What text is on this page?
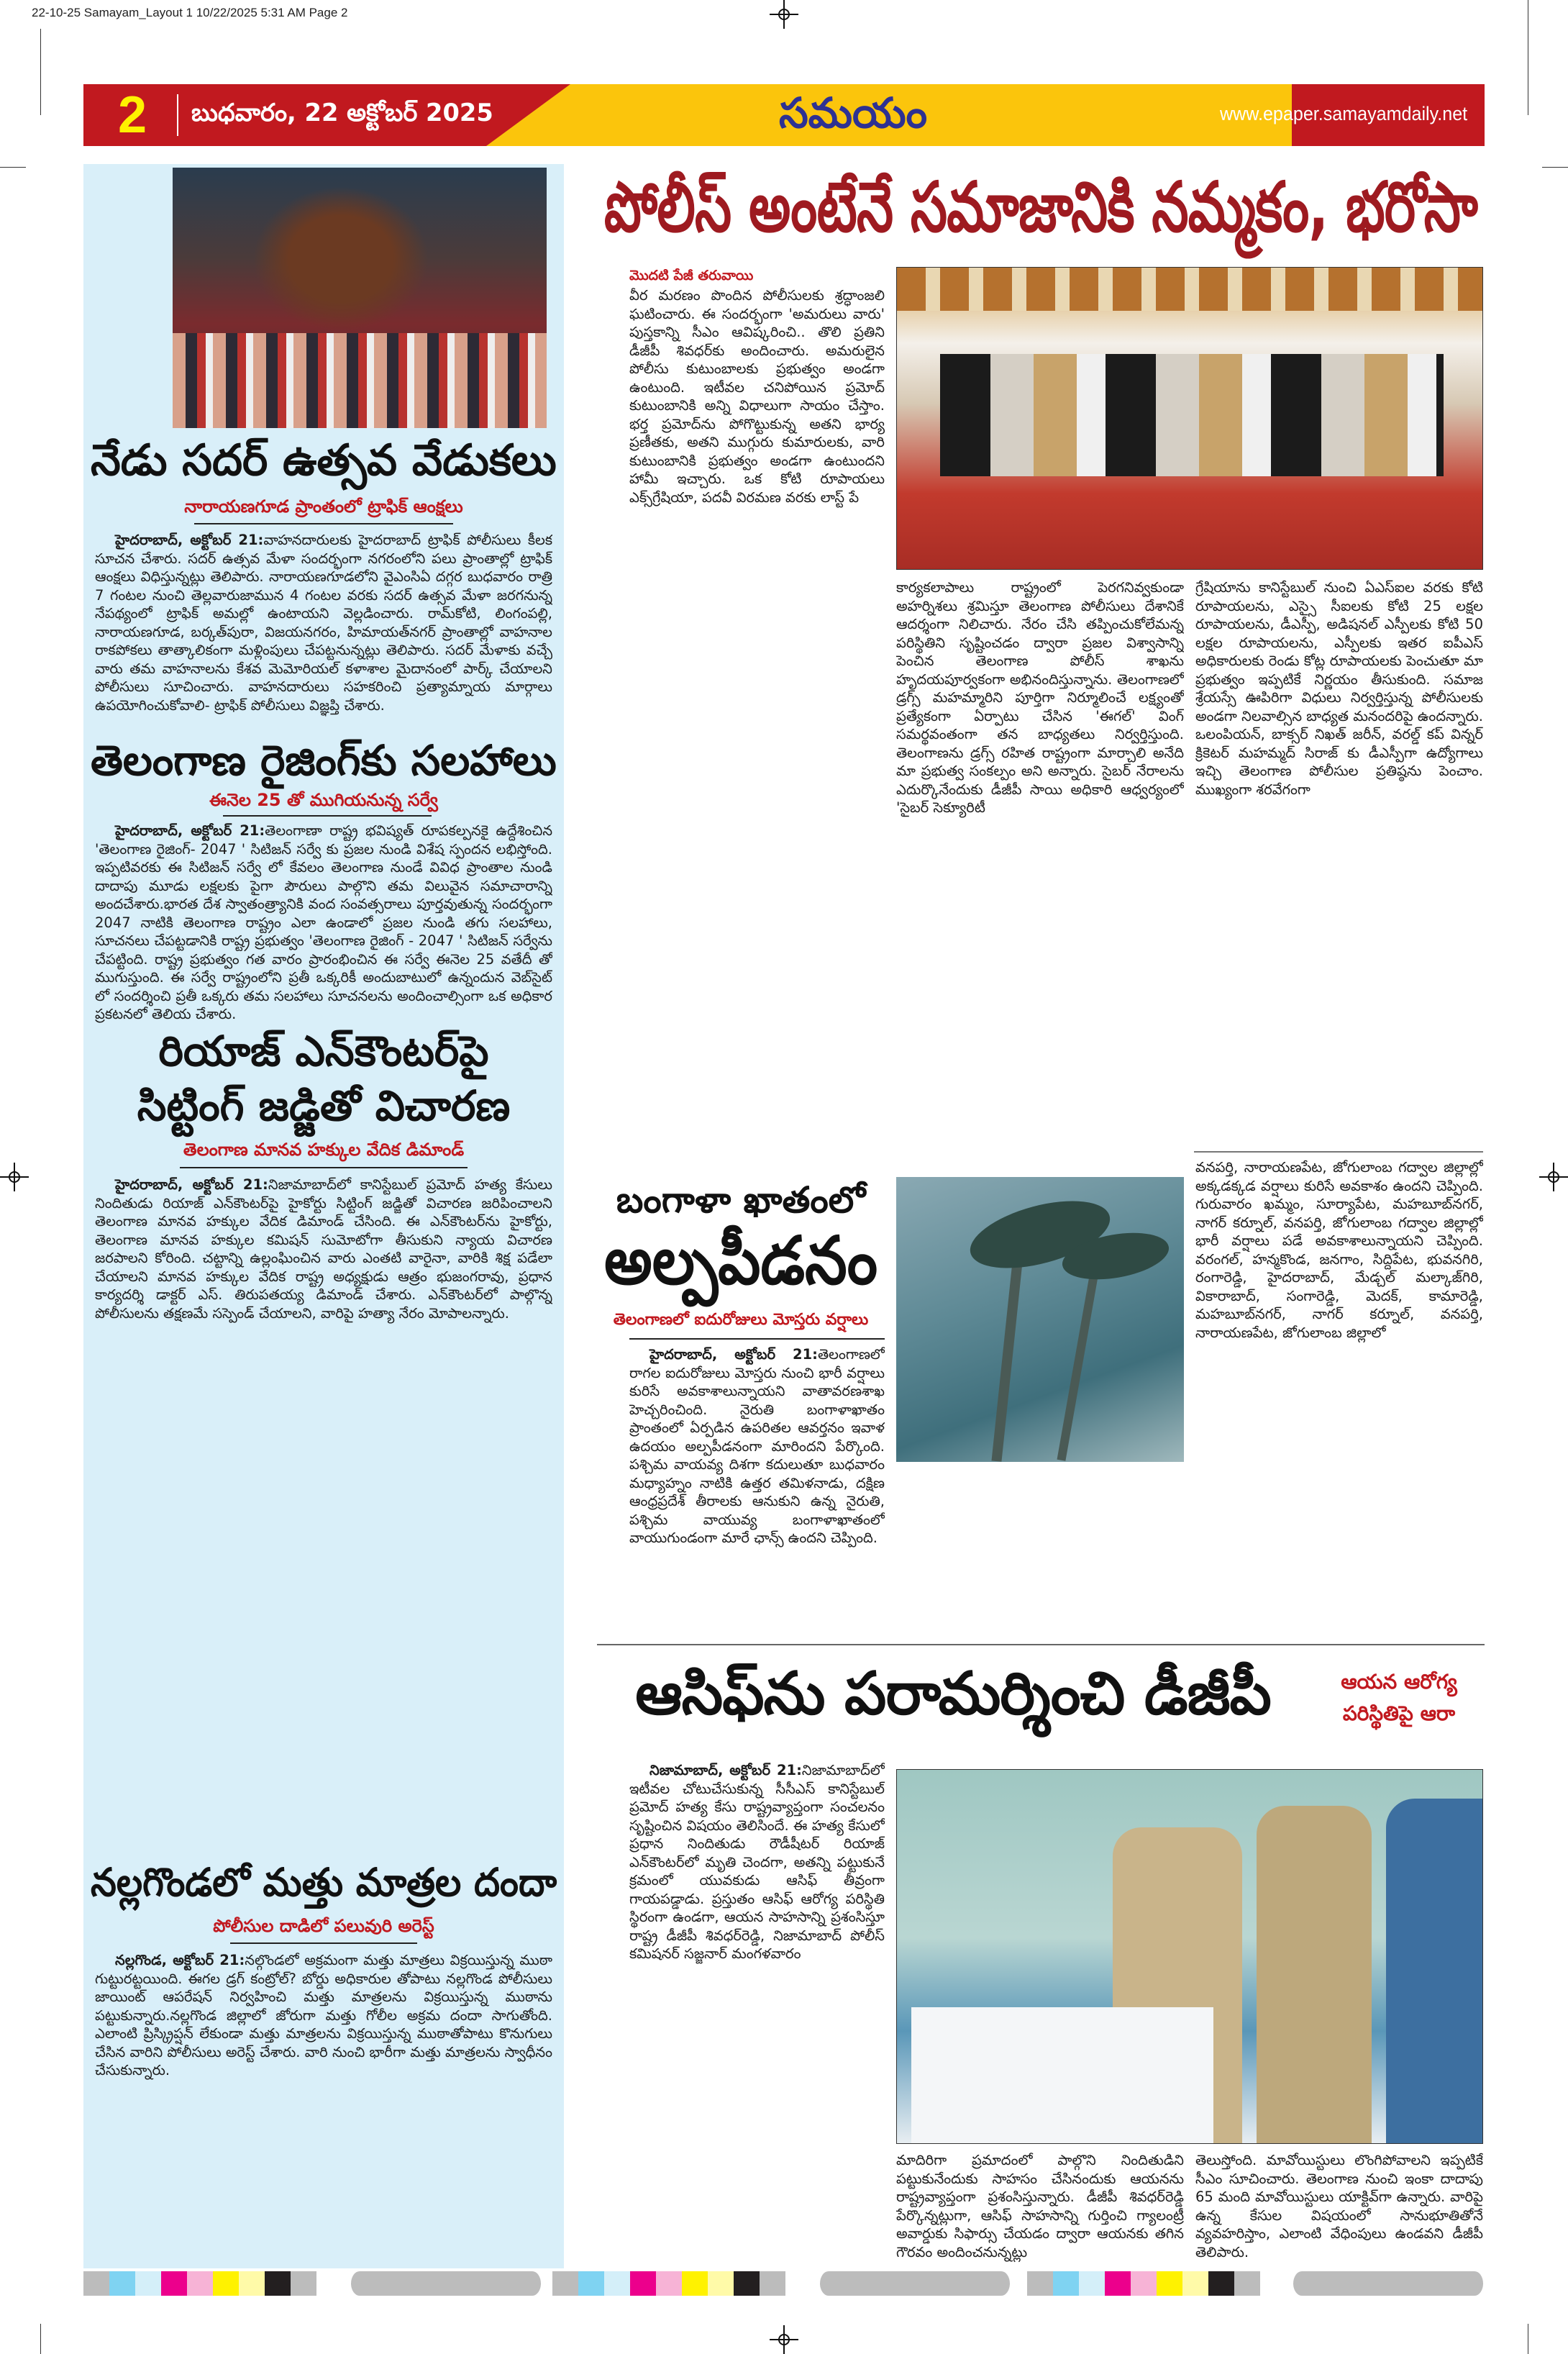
22-10-25 Samayam_Layout 1 10/22/2025 5:31 AM Page 2
2 బుధవారం, 22 అక్టోబర్ 2025	సమయం	www.epaper.samayamdaily.net
నేడు సదర్ ఉత్సవ వేడుకలు
నారాయణగూడ ప్రాంతంలో ట్రాఫిక్ ఆంక్షలు

హైదరాబాద్, అక్టోబర్ 21:వాహనదారులకు హైదరాబాద్ ట్రాఫిక్ పోలీసులు కీలక సూచన చేశారు. సదర్ ఉత్సవ మేళా సందర్భంగా నగరంలోని పలు ప్రాంతాల్లో ట్రాఫిక్ ఆంక్షలు విధిస్తున్నట్లు తెలిపారు. నారాయణగూడలోని వైఎంసిఏ దగ్గర బుధవారం రాత్రి 7 గంటల నుంచి తెల్లవారుజామున 4 గంటల వరకు సదర్ ఉత్సవ మేళా జరగనున్న నేపథ్యంలో ట్రాఫిక్ అమల్లో ఉంటాయని వెల్లడించారు. రామ్‌కోటి, లింగంపల్లి, నారాయణగూడ, బర్కత్‌పురా, విజయనగరం, హిమాయత్‌నగర్ ప్రాంతాల్లో వాహనాల రాకపోకలు తాత్కాలికంగా మళ్లింపులు చేపట్టనున్నట్లు తెలిపారు. సదర్ మేళాకు వచ్చే వారు తమ వాహనాలను కేశవ మెమోరియల్ కళాశాల మైదానంలో పార్క్ చేయాలని పోలీసులు సూచించారు. వాహనదారులు సహకరించి ప్రత్యామ్నాయ మార్గాలు ఉపయోగించుకోవాలి- ట్రాఫిక్ పోలీసులు విజ్ఞప్తి చేశారు.

తెలంగాణ రైజింగ్‌కు సలహాలు
ఈనెల 25 తో ముగియనున్న సర్వే

హైదరాబాద్, అక్టోబర్ 21:తెలంగాణా రాష్ట్ర భవిష్యత్ రూపకల్పనకై ఉద్దేశించిన 'తెలంగాణ రైజింగ్- 2047 ' సిటిజన్ సర్వే కు ప్రజల నుండి విశేష స్పందన లభిస్తోంది. ఇప్పటివరకు ఈ సిటిజన్ సర్వే లో కేవలం తెలంగాణ నుండే వివిధ ప్రాంతాల నుండి దాదాపు మూడు లక్షలకు పైగా పౌరులు పాల్గొని తమ విలువైన సమాచారాన్ని అందచేశారు.భారత దేశ స్వాతంత్ర్యానికి వంద సంవత్సరాలు పూర్తవుతున్న సందర్భంగా 2047 నాటికి తెలంగాణ రాష్ట్రం ఎలా ఉండాలో ప్రజల నుండి తగు సలహాలు, సూచనలు చేపట్టడానికి రాష్ట్ర ప్రభుత్వం 'తెలంగాణ రైజింగ్ - 2047 ' సిటిజన్ సర్వేను చేపట్టింది. రాష్ట్ర ప్రభుత్వం గత వారం ప్రారంభించిన ఈ సర్వే ఈనెల 25 వతేదీ తో ముగుస్తుంది. ఈ సర్వే రాష్ట్రంలోని ప్రతీ ఒక్కరికీ అందుబాటులో ఉన్నందున వెబ్‌సైట్ లో సందర్శించి ప్రతీ ఒక్కరు తమ సలహాలు సూచనలను అందించాల్సింగా ఒక అధికార ప్రకటనలో తెలియ చేశారు.

రియాజ్ ఎన్‌కౌంటర్‌పై
సిట్టింగ్ జడ్జితో విచారణ
తెలంగాణ మానవ హక్కుల వేదిక డిమాండ్

హైదరాబాద్, అక్టోబర్ 21:నిజామాబాద్‌లో కానిస్టేబుల్ ప్రమోద్ హత్య కేసులు నిందితుడు రియాజ్ ఎన్‌కౌంటర్‌పై హైకోర్టు సిట్టింగ్ జడ్జితో విచారణ జరిపించాలని తెలంగాణ మానవ హక్కుల వేదిక డిమాండ్ చేసింది. ఈ ఎన్‌కౌంటర్‌ను హైకోర్టు, తెలంగాణ మానవ హక్కుల కమిషన్ సుమోటోగా తీసుకుని న్యాయ విచారణ జరపాలని కోరింది. చట్టాన్ని ఉల్లంఘించిన వారు ఎంతటి వారైనా, వారికి శిక్ష పడేలా చేయాలని మానవ హక్కుల వేదిక రాష్ట్ర అధ్యక్షుడు ఆత్రం భుజంగరావు, ప్రధాన కార్యదర్శి డాక్టర్ ఎస్. తిరుపతయ్య డిమాండ్ చేశారు. ఎన్‌కౌంటర్‌లో పాల్గొన్న పోలీసులను తక్షణమే సస్పెండ్ చేయాలని, వారిపై హత్యా నేరం మోపాలన్నారు.

నల్లగొండలో మత్తు మాత్రల దందా
పోలీసుల దాడిలో పలువురి అరెస్ట్

నల్లగొండ, అక్టోబర్ 21:నల్గొండలో అక్రమంగా మత్తు మాత్రలు విక్రయిస్తున్న ముఠా గుట్టురట్టయింది. ఈగల డ్రగ్ కంట్రోల్? బోర్డు అధికారుల తోపాటు నల్లగొండ పోలీసులు జాయింట్ ఆపరేషన్ నిర్వహించి మత్తు మాత్రలను విక్రయిస్తున్న ముఠాను పట్టుకున్నారు.నల్లగొండ జిల్లాలో జోరుగా మత్తు గోలీల అక్రమ దందా సాగుతోంది. ఎలాంటి ప్రిస్క్రిప్షన్ లేకుండా మత్తు మాత్రలను విక్రయిస్తున్న ముఠాతోపాటు కొనుగులు చేసిన వారిని పోలీసులు అరెస్ట్ చేశారు. వారి నుంచి భారీగా మత్తు మాత్రలను స్వాధీనం చేసుకున్నారు.

పోలీస్ అంటేనే సమాజానికి నమ్మకం, భరోసా
మొదటి పేజీ తరువాయి
వీర మరణం పొందిన పోలీసులకు శ్రద్ధాంజలి ఘటించారు. ఈ సందర్భంగా 'అమరులు వారు' పుస్తకాన్ని సీఎం ఆవిష్కరించి.. తొలి ప్రతిని డీజీపీ శివధర్‌కు అందించారు. అమరులైన పోలీసు కుటుంబాలకు ప్రభుత్వం అండగా ఉంటుంది. ఇటీవల చనిపోయిన ప్రమోద్ కుటుంబానికి అన్ని విధాలుగా సాయం చేస్తాం. భర్త ప్రమోద్‌ను పోగొట్టుకున్న అతని భార్య ప్రణీతకు, అతని ముగ్గురు కుమారులకు, వారి కుటుంబానికి ప్రభుత్వం అండగా ఉంటుందని హామీ ఇచ్చారు. ఒక కోటి రూపాయలు ఎక్స్‌గ్రేషియా, పదవీ విరమణ వరకు లాస్ట్ పే
కార్యకలాపాలు రాష్ట్రంలో పెరగనివ్వకుండా అహర్నిశలు శ్రమిస్తూ తెలంగాణ పోలీసులు దేశానికే ఆదర్శంగా నిలిచారు. నేరం చేసి తప్పించుకోలేమన్న పరిస్థితిని సృష్టించడం ద్వారా ప్రజల విశ్వాసాన్ని పెంచిన తెలంగాణ పోలీస్ శాఖను హృదయపూర్వకంగా అభినందిస్తున్నాను. తెలంగాణలో డ్రగ్స్ మహమ్మారిని పూర్తిగా నిర్మూలించే లక్ష్యంతో ప్రత్యేకంగా ఏర్పాటు చేసిన 'ఈగల్' వింగ్ సమర్థవంతంగా తన బాధ్యతలు నిర్వర్తిస్తుంది. తెలంగాణను డ్రగ్స్ రహిత రాష్ట్రంగా మార్చాలి అనేది మా ప్రభుత్వ సంకల్పం అని అన్నారు. సైబర్ నేరాలను ఎదుర్కొనేందుకు డీజీపీ సాయి అధికారి ఆధ్వర్యంలో 'సైబర్ సెక్యూరిటీ
గ్రేషియాను కానిస్టేబుల్ నుంచి ఏఎస్ఐల వరకు కోటి రూపాయలను, ఎస్సై సీఐలకు కోటి 25 లక్షల రూపాయలను, డీఎస్పీ, అడిషనల్ ఎస్పీలకు కోటి 50 లక్షల రూపాయలను, ఎస్పీలకు ఇతర ఐపీఎస్ అధికారులకు రెండు కోట్ల రూపాయలకు పెంచుతూ మా ప్రభుత్వం ఇప్పటికే నిర్ణయం తీసుకుంది. సమాజ శ్రేయస్సే ఊపిరిగా విధులు నిర్వర్తిస్తున్న పోలీసులకు అండగా నిలవాల్సిన బాధ్యత మనందరిపై ఉందన్నారు. ఒలంపియన్, బాక్సర్ నిఖత్ జరీన్, వరల్డ్ కప్ విన్నర్ క్రికెటర్ మహమ్మద్ సిరాజ్ కు డీఎస్పీగా ఉద్యోగాలు ఇచ్చి తెలంగాణ పోలీసుల ప్రతిష్ఠను పెంచాం. ముఖ్యంగా శరవేగంగా
బంగాళా ఖాతంలో
అల్పపీడనం
తెలంగాణలో ఐదురోజులు మోస్తరు వర్షాలు

హైదరాబాద్, అక్టోబర్ 21:తెలంగాణలో రాగల ఐదురోజులు మోస్తరు నుంచి భారీ వర్షాలు కురిసే అవకాశాలున్నాయని వాతావరణశాఖ హెచ్చరించింది. నైరుతి బంగాళాఖాతం ప్రాంతంలో ఏర్పడిన ఉపరితల ఆవర్తనం ఇవాళ ఉదయం అల్పపీడనంగా మారిందని పేర్కొంది. పశ్చిమ వాయవ్య దిశగా కదులుతూ బుధవారం మధ్యాహ్నం నాటికి ఉత్తర తమిళనాడు, దక్షిణ ఆంధ్రప్రదేశ్ తీరాలకు ఆనుకుని ఉన్న నైరుతి, పశ్చిమ వాయువ్య బంగాళాఖాతంలో వాయుగుండంగా మారే ఛాన్స్ ఉందని చెప్పింది.

వనపర్తి, నారాయణపేట, జోగులాంబ గద్వాల జిల్లాల్లో అక్కడక్కడ వర్షాలు కురిసే అవకాశం ఉందని చెప్పింది. గురువారం ఖమ్మం, సూర్యాపేట, మహబూబ్‌నగర్, నాగర్ కర్నూల్, వనపర్తి, జోగులాంబ గద్వాల జిల్లాల్లో భారీ వర్షాలు పడే అవకాశాలున్నాయని చెప్పింది. వరంగల్, హన్మకొండ, జనగాం, సిద్దిపేట, భువనగిరి, రంగారెడ్డి, హైదరాబాద్, మేడ్చల్ మల్కాజ్‌గిరి, వికారాబాద్, సంగారెడ్డి, మెదక్, కామారెడ్డి, మహబూబ్‌నగర్, నాగర్ కర్నూల్, వనపర్తి, నారాయణపేట, జోగులాంబ జిల్లాలో
ఆసిఫ్‌ను పరామర్శించి డీజీపీ	ఆయన ఆరోగ్య
పరిస్థితిపై ఆరా

నిజామాబాద్, అక్టోబర్ 21:నిజామాబాద్‌లో ఇటీవల చోటుచేసుకున్న సీసీఎస్ కానిస్టేబుల్ ప్రమోద్ హత్య కేసు రాష్ట్రవ్యాప్తంగా సంచలనం సృష్టించిన విషయం తెలిసిందే. ఈ హత్య కేసులో ప్రధాన నిందితుడు రౌడీషీటర్ రియాజ్ ఎన్‌కౌంటర్‌లో మృతి చెందగా, అతన్ని పట్టుకునే క్రమంలో యువకుడు ఆసిఫ్ తీవ్రంగా గాయపడ్డాడు. ప్రస్తుతం ఆసిఫ్ ఆరోగ్య పరిస్థితి స్థిరంగా ఉండగా, ఆయన సాహసాన్ని ప్రశంసిస్తూ రాష్ట్ర డీజీపీ శివధర్‌రెడ్డి, నిజామాబాద్ పోలీస్ కమిషనర్ సజ్జనార్ మంగళవారం

మాదిరిగా ప్రమాదంలో పాల్గొని నిందితుడిని పట్టుకునేందుకు సాహసం చేసినందుకు ఆయనను రాష్ట్రవ్యాప్తంగా ప్రశంసిస్తున్నారు. డీజీపీ శివధర్‌రెడ్డి పేర్కొన్నట్లుగా, ఆసిఫ్ సాహసాన్ని గుర్తించి గ్యాలంట్రీ అవార్డుకు సిఫార్సు చేయడం ద్వారా ఆయనకు తగిన గౌరవం అందించనున్నట్లు
తెలుస్తోంది. మావోయిస్టులు లొంగిపోవాలని ఇప్పటికే సీఎం సూచించారు. తెలంగాణ నుంచి ఇంకా దాదాపు 65 మంది మావోయిస్టులు యాక్టివ్‌గా ఉన్నారు. వారిపై ఉన్న కేసుల విషయంలో సానుభూతితోనే వ్యవహరిస్తాం, ఎలాంటి వేధింపులు ఉండవని డీజీపీ తెలిపారు.
